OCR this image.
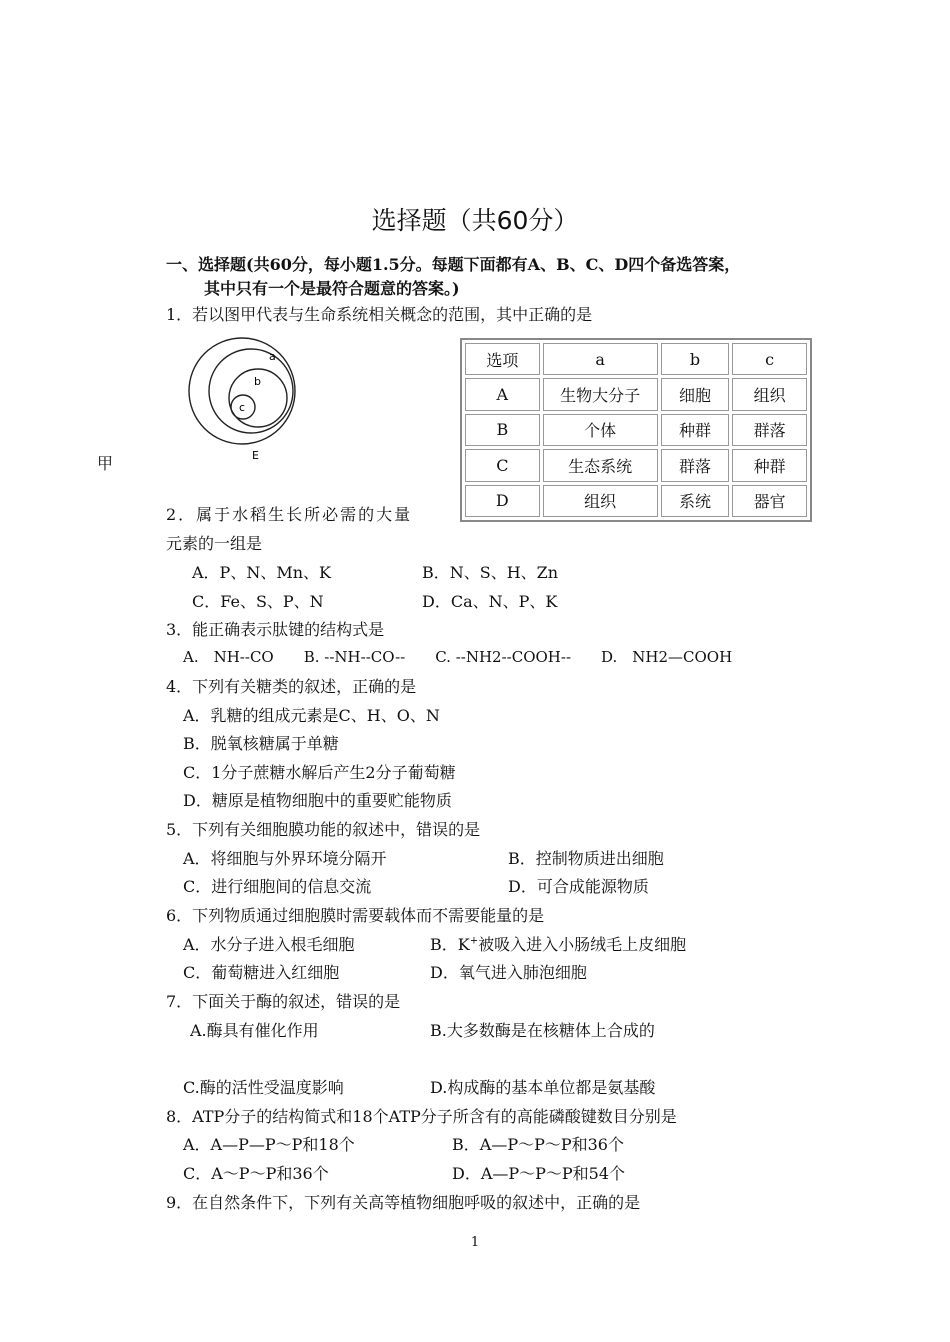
选择题（共60分）
一、选择题(共60分，每小题1.5分。每题下面都有A、B、C、D四个备选答案，
其中只有一个是最符合题意的答案。)
1．若以图甲代表与生命系统相关概念的范围，其中正确的是
a
b
c
E
甲
选项	a	b	c
A	生物大分子	细胞	组织
B	个体	种群	群落
C	生态系统	群落	种群
D	组织	系统	器官
2．属于水稻生长所必需的大量
元素的一组是
A．P、N、Mn、K	B．N、S、H、Zn
C．Fe、S、P、N	D．Ca、N、P、K
3．能正确表示肽键的结构式是
A.　NH--CO　　B. --NH--CO--　　C. --NH2--COOH--　　D.　NH2—COOH
4．下列有关糖类的叙述，正确的是
A．乳糖的组成元素是C、H、O、N
B．脱氧核糖属于单糖
C．1分子蔗糖水解后产生2分子葡萄糖
D．糖原是植物细胞中的重要贮能物质
5．下列有关细胞膜功能的叙述中，错误的是
A．将细胞与外界环境分隔开	B．控制物质进出细胞
C．进行细胞间的信息交流	D．可合成能源物质
6．下列物质通过细胞膜时需要载体而不需要能量的是
A．水分子进入根毛细胞	B．K+被吸入进入小肠绒毛上皮细胞
C．葡萄糖进入红细胞	D．氧气进入肺泡细胞
7．下面关于酶的叙述，错误的是
A.酶具有催化作用	B.大多数酶是在核糖体上合成的
C.酶的活性受温度影响	D.构成酶的基本单位都是氨基酸
8．ATP分子的结构简式和18个ATP分子所含有的高能磷酸键数目分别是
A．A—P—P～P和18个	B．A—P～P～P和36个
C．A～P～P和36个	D．A—P～P～P和54个
9．在自然条件下，下列有关高等植物细胞呼吸的叙述中，正确的是
1
